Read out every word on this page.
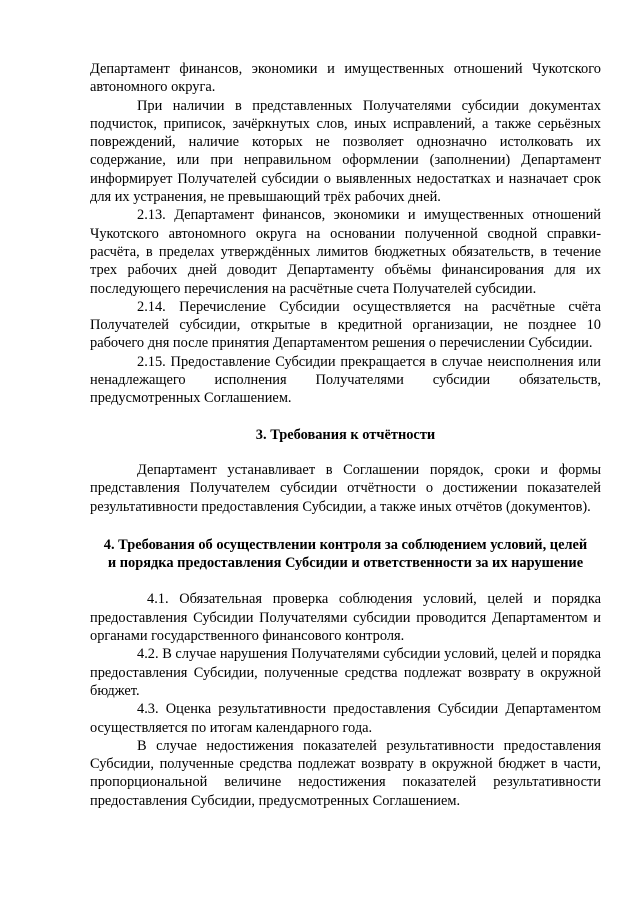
Департамент финансов, экономики и имущественных отношений Чукотского автономного округа.

При наличии в представленных Получателями субсидии документах подчисток, приписок, зачёркнутых слов, иных исправлений, а также серьёзных повреждений, наличие которых не позволяет однозначно истолковать их содержание, или при неправильном оформлении (заполнении) Департамент информирует Получателей субсидии о выявленных недостатках и назначает срок для их устранения, не превышающий трёх рабочих дней.

2.13. Департамент финансов, экономики и имущественных отношений Чукотского автономного округа на основании полученной сводной справки-расчёта, в пределах утверждённых лимитов бюджетных обязательств, в течение трех рабочих дней доводит Департаменту объёмы финансирования для их последующего перечисления на расчётные счета Получателей субсидии.

2.14. Перечисление Субсидии осуществляется на расчётные счёта Получателей субсидии, открытые в кредитной организации, не позднее 10 рабочего дня после принятия Департаментом решения о перечислении Субсидии.

2.15. Предоставление Субсидии прекращается в случае неисполнения или ненадлежащего исполнения Получателями субсидии обязательств, предусмотренных Соглашением.

3. Требования к отчётности

Департамент устанавливает в Соглашении порядок, сроки и формы представления Получателем субсидии отчётности о достижении показателей результативности предоставления Субсидии, а также иных отчётов (документов).

4. Требования об осуществлении контроля за соблюдением условий, целей
и порядка предоставления Субсидии и ответственности за их нарушение

4.1. Обязательная проверка соблюдения условий, целей и порядка предоставления Субсидии Получателями субсидии проводится Департаментом и органами государственного финансового контроля.

4.2. В случае нарушения Получателями субсидии условий, целей и порядка предоставления Субсидии, полученные средства подлежат возврату в окружной бюджет.

4.3. Оценка результативности предоставления Субсидии Департаментом осуществляется по итогам календарного года.

В случае недостижения показателей результативности предоставления Субсидии, полученные средства подлежат возврату в окружной бюджет в части, пропорциональной величине недостижения показателей результативности предоставления Субсидии, предусмотренных Соглашением.
